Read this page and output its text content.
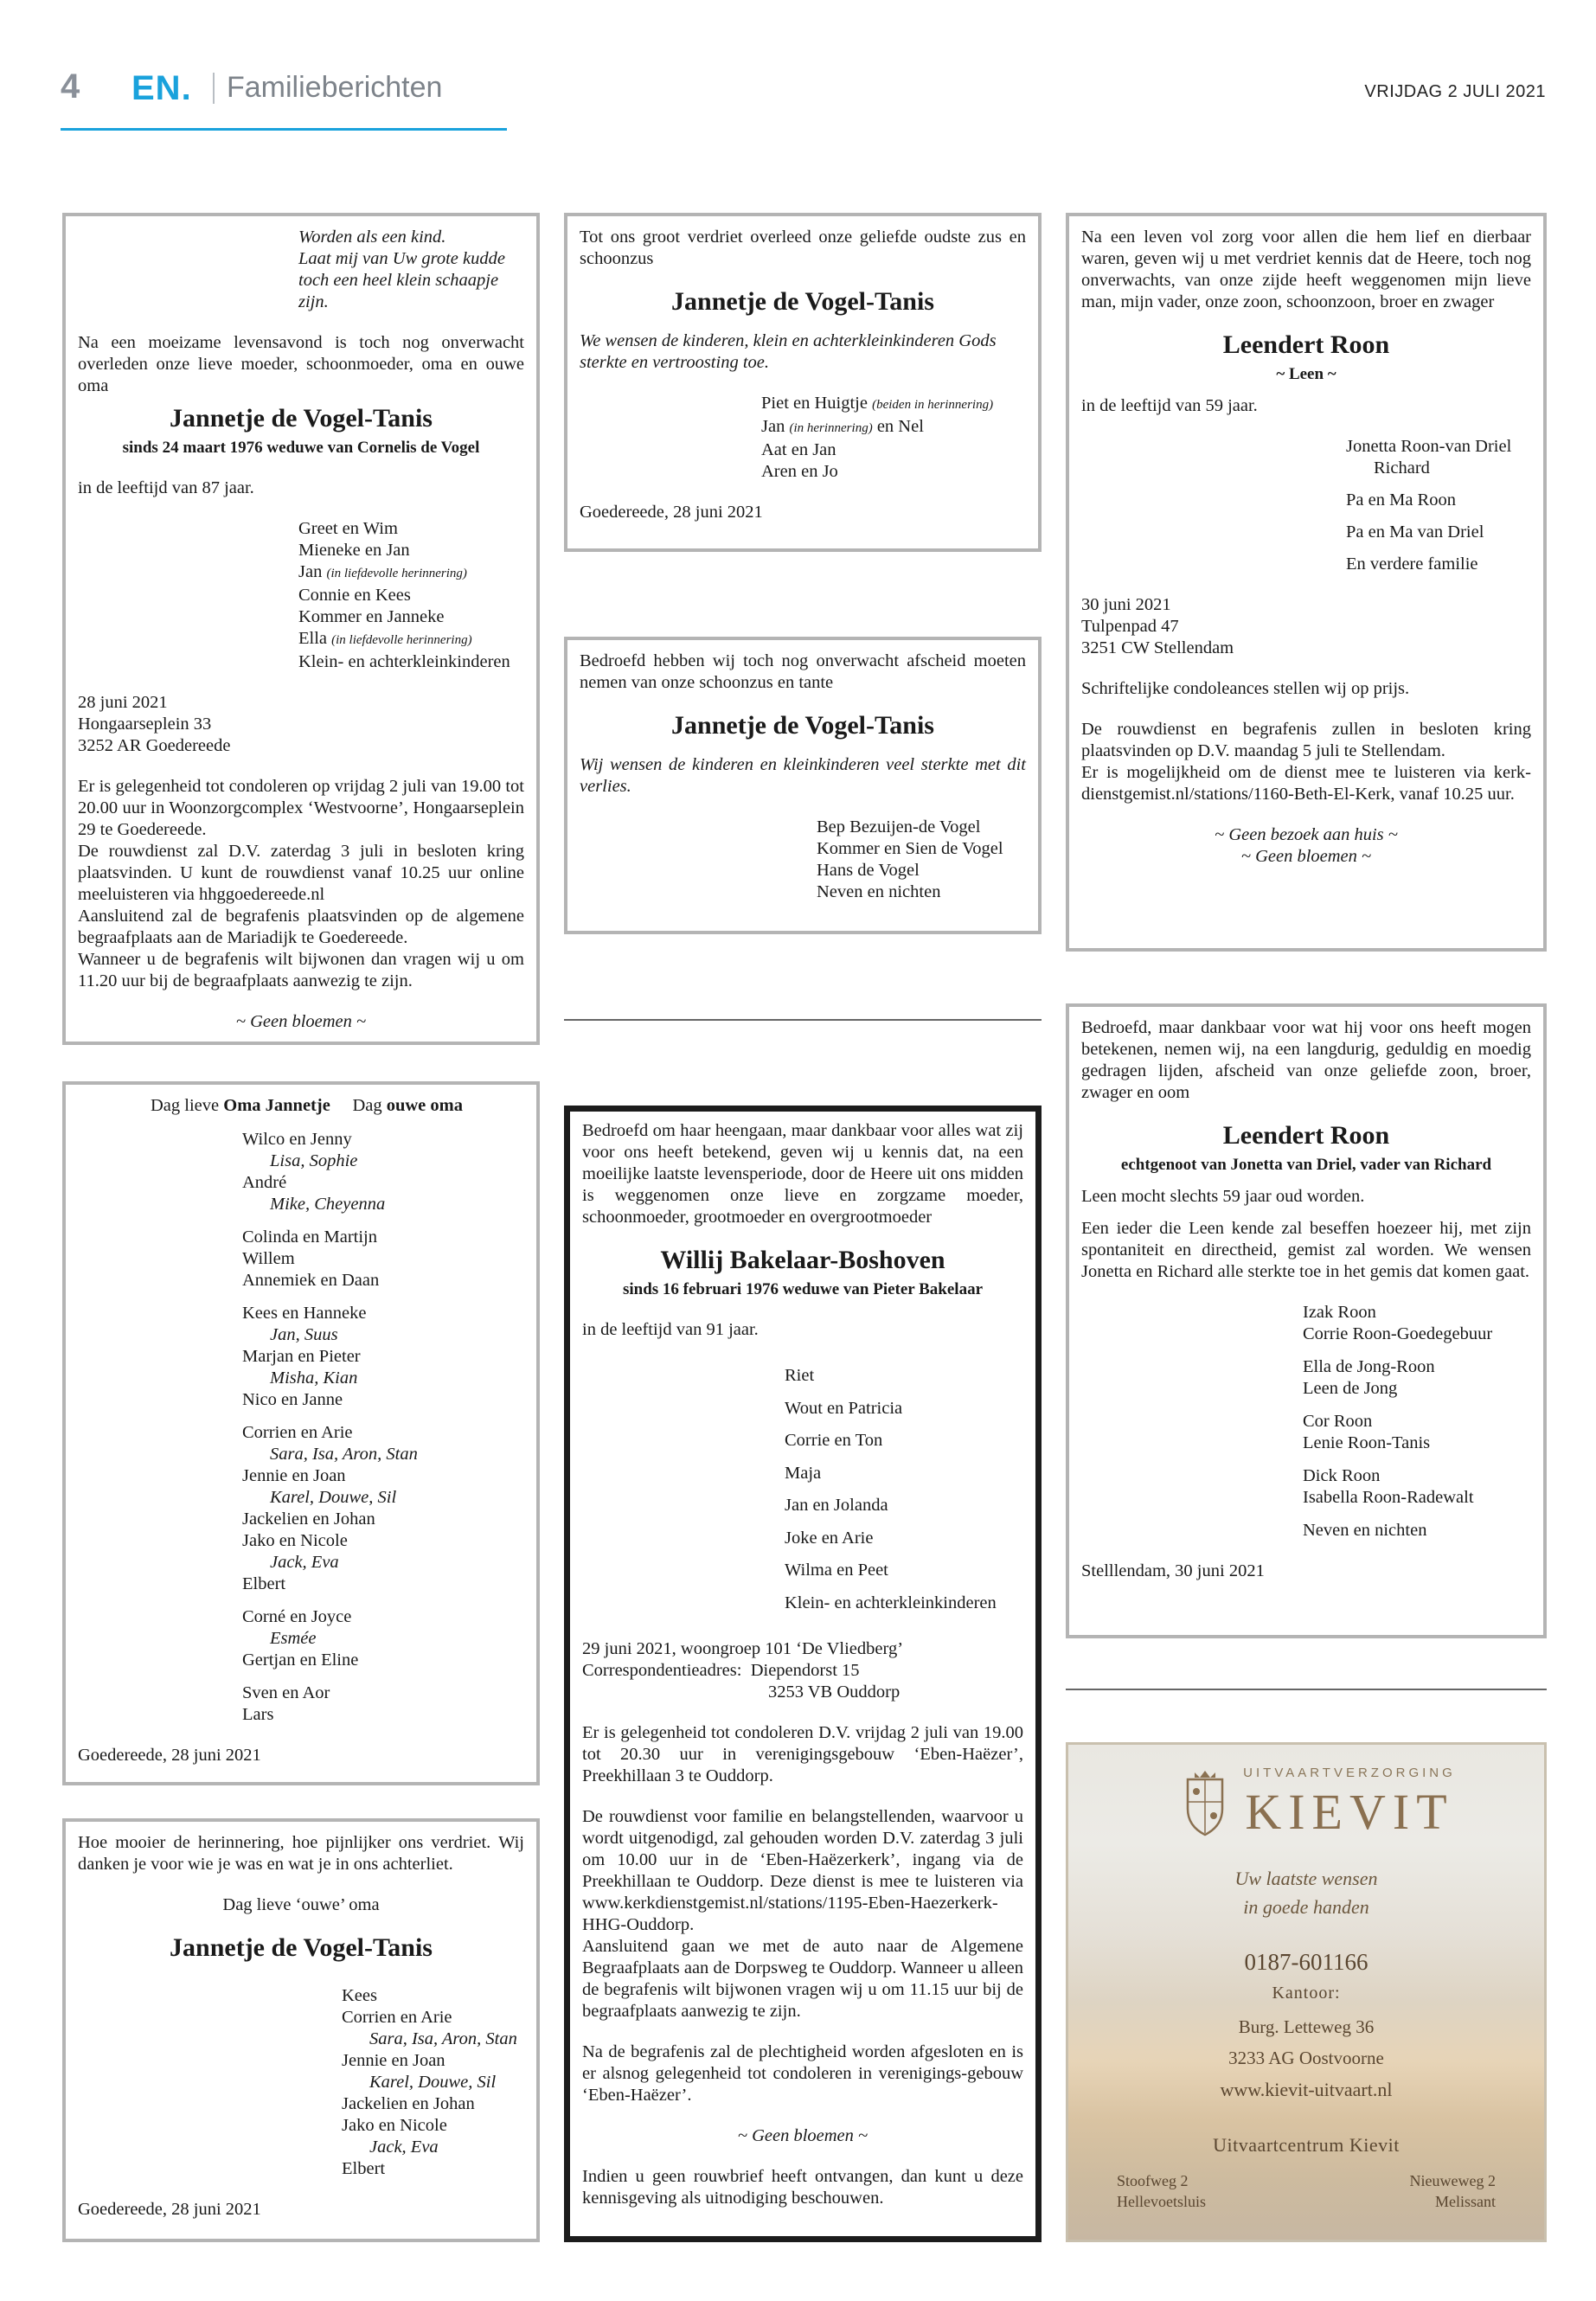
4 EN. Familieberichten	VRIJDAG 2 JULI 2021

Worden als een kind.

Laat mij van Uw grote kudde

toch een heel klein schaapje zijn.

Na een moeizame levensavond is toch nog onverwacht overleden onze lieve moeder, schoonmoeder, oma en ouwe oma

Jannetje de Vogel-Tanis
sinds 24 maart 1976 weduwe van Cornelis de Vogel

in de leeftijd van 87 jaar.

Greet en Wim

Mieneke en Jan

Jan (in liefdevolle herinnering)

Connie en Kees

Kommer en Janneke

Ella (in liefdevolle herinnering)

Klein- en achterkleinkinderen

28 juni 2021

Hongaarseplein 33

3252 AR Goedereede

Er is gelegenheid tot condoleren op vrijdag 2 juli van 19.00 tot 20.00 uur in Woonzorgcomplex ‘Westvoorne’, Hongaarseplein 29 te Goedereede.

De rouwdienst zal D.V. zaterdag 3 juli in besloten kring plaatsvinden. U kunt de rouwdienst vanaf 10.25 uur online meeluisteren via hhggoedereede.nl

Aansluitend zal de begrafenis plaatsvinden op de algemene begraafplaats aan de Mariadijk te Goedereede.

Wanneer u de begrafenis wilt bijwonen dan vragen wij u om 11.20 uur bij de begraafplaats aanwezig te zijn.

~ Geen bloemen ~

Dag lieve Oma Jannetje Dag ouwe oma

Wilco en Jenny

Lisa, Sophie

André

Mike, Cheyenna

Colinda en Martijn

Willem

Annemiek en Daan

Kees en Hanneke

Jan, Suus

Marjan en Pieter

Misha, Kian

Nico en Janne

Corrien en Arie

Sara, Isa, Aron, Stan

Jennie en Joan

Karel, Douwe, Sil

Jackelien en Johan

Jako en Nicole

Jack, Eva

Elbert

Corné en Joyce

Esmée

Gertjan en Eline

Sven en Aor

Lars

Goedereede, 28 juni 2021

Hoe mooier de herinnering, hoe pijnlijker ons verdriet. Wij danken je voor wie je was en wat je in ons achterliet.

Dag lieve ‘ouwe’ oma

Jannetje de Vogel-Tanis

Kees

Corrien en Arie

Sara, Isa, Aron, Stan

Jennie en Joan

Karel, Douwe, Sil

Jackelien en Johan

Jako en Nicole

Jack, Eva

Elbert

Goedereede, 28 juni 2021

Tot ons groot verdriet overleed onze geliefde oudste zus en schoonzus

Jannetje de Vogel-Tanis

We wensen de kinderen, klein en achterkleinkinderen Gods sterkte en vertroosting toe.

Piet en Huigtje (beiden in herinnering)

Jan (in herinnering) en Nel

Aat en Jan

Aren en Jo

Goedereede, 28 juni 2021

Bedroefd hebben wij toch nog onverwacht afscheid moeten nemen van onze schoonzus en tante

Jannetje de Vogel-Tanis

Wij wensen de kinderen en kleinkinderen veel sterkte met dit verlies.

Bep Bezuijen-de Vogel

Kommer en Sien de Vogel

Hans de Vogel

Neven en nichten

Bedroefd om haar heengaan, maar dankbaar voor alles wat zij voor ons heeft betekend, geven wij u kennis dat, na een moeilijke laatste levensperiode, door de Heere uit ons midden is weggenomen onze lieve en zorgzame moeder, schoonmoeder, grootmoeder en overgrootmoeder

Willij Bakelaar-Boshoven
sinds 16 februari 1976 weduwe van Pieter Bakelaar

in de leeftijd van 91 jaar.

Riet

Wout en Patricia

Corrie en Ton

Maja

Jan en Jolanda

Joke en Arie

Wilma en Peet

Klein- en achterkleinkinderen

29 juni 2021, woongroep 101 ‘De Vliedberg’

Correspondentieadres: Diependorst 15

3253 VB Ouddorp

Er is gelegenheid tot condoleren D.V. vrijdag 2 juli van 19.00 tot 20.30 uur in verenigingsgebouw ‘Eben-Haëzer’, Preekhillaan 3 te Ouddorp.

De rouwdienst voor familie en belangstellenden, waarvoor u wordt uitgenodigd, zal gehouden worden D.V. zaterdag 3 juli om 10.00 uur in de ‘Eben-Haëzerkerk’, ingang via de Preekhillaan te Ouddorp. Deze dienst is mee te luisteren via www.kerkdienstgemist.nl/stations/1195-Eben-Haezerkerk-HHG-Ouddorp.

Aansluitend gaan we met de auto naar de Algemene Begraafplaats aan de Dorpsweg te Ouddorp. Wanneer u alleen de begrafenis wilt bijwonen vragen wij u om 11.15 uur bij de begraafplaats aanwezig te zijn.

Na de begrafenis zal de plechtigheid worden afgesloten en is er alsnog gelegenheid tot condoleren in verenigings-gebouw ‘Eben-Haëzer’.

~ Geen bloemen ~

Indien u geen rouwbrief heeft ontvangen, dan kunt u deze kennisgeving als uitnodiging beschouwen.

Na een leven vol zorg voor allen die hem lief en dierbaar waren, geven wij u met verdriet kennis dat de Heere, toch nog onverwachts, van onze zijde heeft weggenomen mijn lieve man, mijn vader, onze zoon, schoonzoon, broer en zwager

Leendert Roon
~ Leen ~

in de leeftijd van 59 jaar.

Jonetta Roon-van Driel

Richard

Pa en Ma Roon

Pa en Ma van Driel

En verdere familie

30 juni 2021

Tulpenpad 47

3251 CW Stellendam

Schriftelijke condoleances stellen wij op prijs.

De rouwdienst en begrafenis zullen in besloten kring plaatsvinden op D.V. maandag 5 juli te Stellendam.

Er is mogelijkheid om de dienst mee te luisteren via kerk-dienstgemist.nl/stations/1160-Beth-El-Kerk, vanaf 10.25 uur.

~ Geen bezoek aan huis ~

~ Geen bloemen ~

Bedroefd, maar dankbaar voor wat hij voor ons heeft mogen betekenen, nemen wij, na een langdurig, geduldig en moedig gedragen lijden, afscheid van onze geliefde zoon, broer, zwager en oom

Leendert Roon
echtgenoot van Jonetta van Driel, vader van Richard

Leen mocht slechts 59 jaar oud worden.

Een ieder die Leen kende zal beseffen hoezeer hij, met zijn spontaniteit en directheid, gemist zal worden. We wensen Jonetta en Richard alle sterkte toe in het gemis dat komen gaat.

Izak Roon

Corrie Roon-Goedegebuur

Ella de Jong-Roon

Leen de Jong

Cor Roon

Lenie Roon-Tanis

Dick Roon

Isabella Roon-Radewalt

Neven en nichten

Stelllendam, 30 juni 2021

UITVAARTVERZORGING
KIEVIT
Uw laatste wensen
in goede handen
0187-601166
Kantoor:
Burg. Letteweg 36
3233 AG Oostvoorne
www.kievit-uitvaart.nl
Uitvaartcentrum Kievit
Stoofweg 2
Hellevoetsluis
Nieuweweg 2
Melissant
